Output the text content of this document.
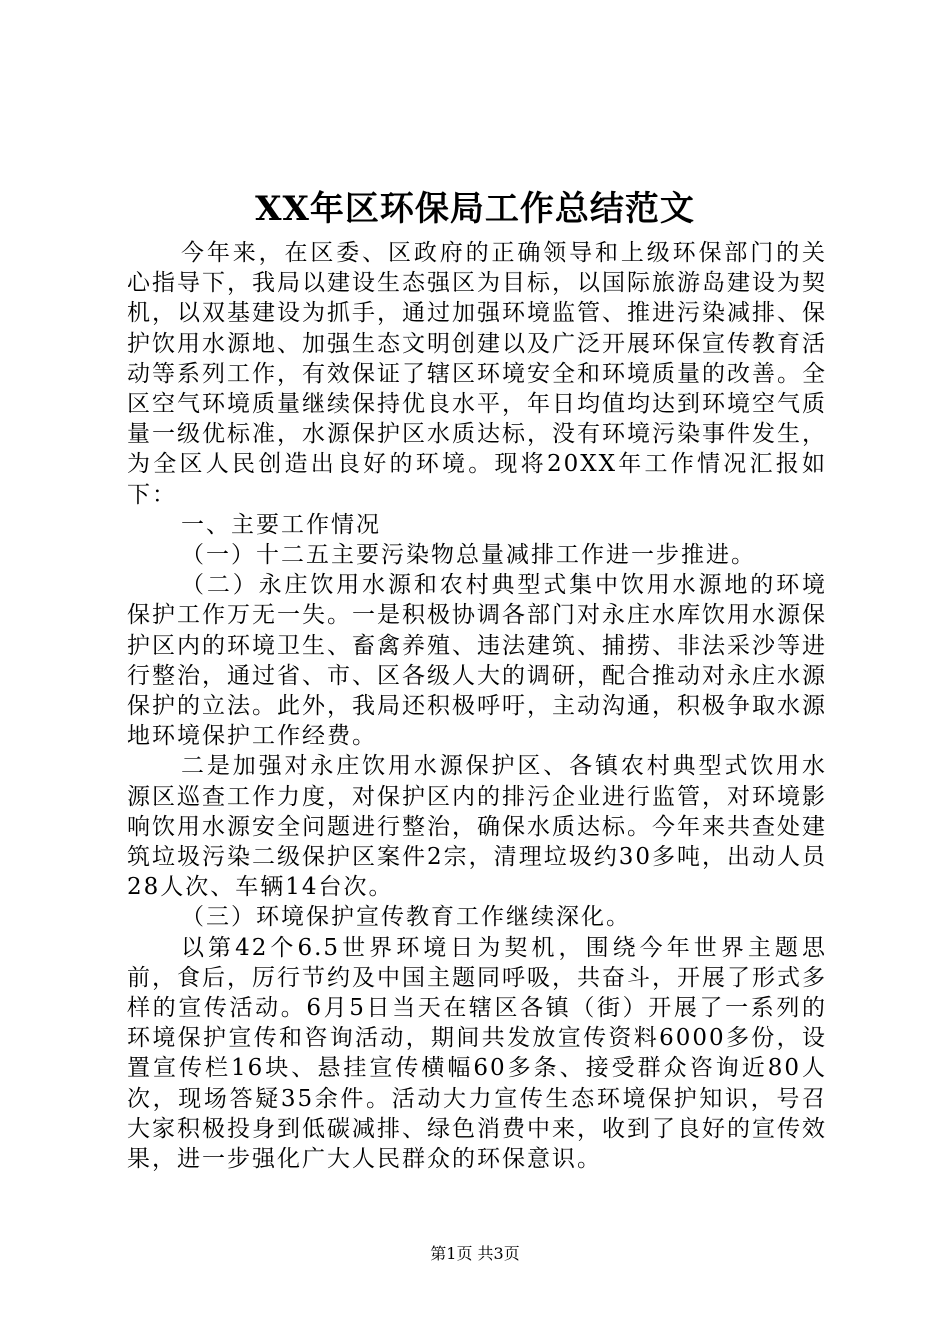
XX年区环保局工作总结范文

今年来，在区委、区政府的正确领导和上级环保部门的关心指导下，我局以建设生态强区为目标，以国际旅游岛建设为契机，以双基建设为抓手，通过加强环境监管、推进污染减排、保护饮用水源地、加强生态文明创建以及广泛开展环保宣传教育活动等系列工作，有效保证了辖区环境安全和环境质量的改善。全区空气环境质量继续保持优良水平，年日均值均达到环境空气质量一级优标准，水源保护区水质达标，没有环境污染事件发生，为全区人民创造出良好的环境。现将20XX年工作情况汇报如下：

一、主要工作情况

（一）十二五主要污染物总量减排工作进一步推进。

（二）永庄饮用水源和农村典型式集中饮用水源地的环境保护工作万无一失。一是积极协调各部门对永庄水库饮用水源保护区内的环境卫生、畜禽养殖、违法建筑、捕捞、非法采沙等进行整治，通过省、市、区各级人大的调研，配合推动对永庄水源保护的立法。此外，我局还积极呼吁，主动沟通，积极争取水源地环境保护工作经费。

二是加强对永庄饮用水源保护区、各镇农村典型式饮用水源区巡查工作力度，对保护区内的排污企业进行监管，对环境影响饮用水源安全问题进行整治，确保水质达标。今年来共查处建筑垃圾污染二级保护区案件2宗，清理垃圾约30多吨，出动人员28人次、车辆14台次。

（三）环境保护宣传教育工作继续深化。

以第42个6.5世界环境日为契机，围绕今年世界主题思前，食后，厉行节约及中国主题同呼吸，共奋斗，开展了形式多样的宣传活动。6月5日当天在辖区各镇（街）开展了一系列的环境保护宣传和咨询活动，期间共发放宣传资料6000多份，设置宣传栏16块、悬挂宣传横幅60多条、接受群众咨询近80人次，现场答疑35余件。活动大力宣传生态环境保护知识，号召大家积极投身到低碳减排、绿色消费中来，收到了良好的宣传效果，进一步强化广大人民群众的环保意识。

第1页 共3页
